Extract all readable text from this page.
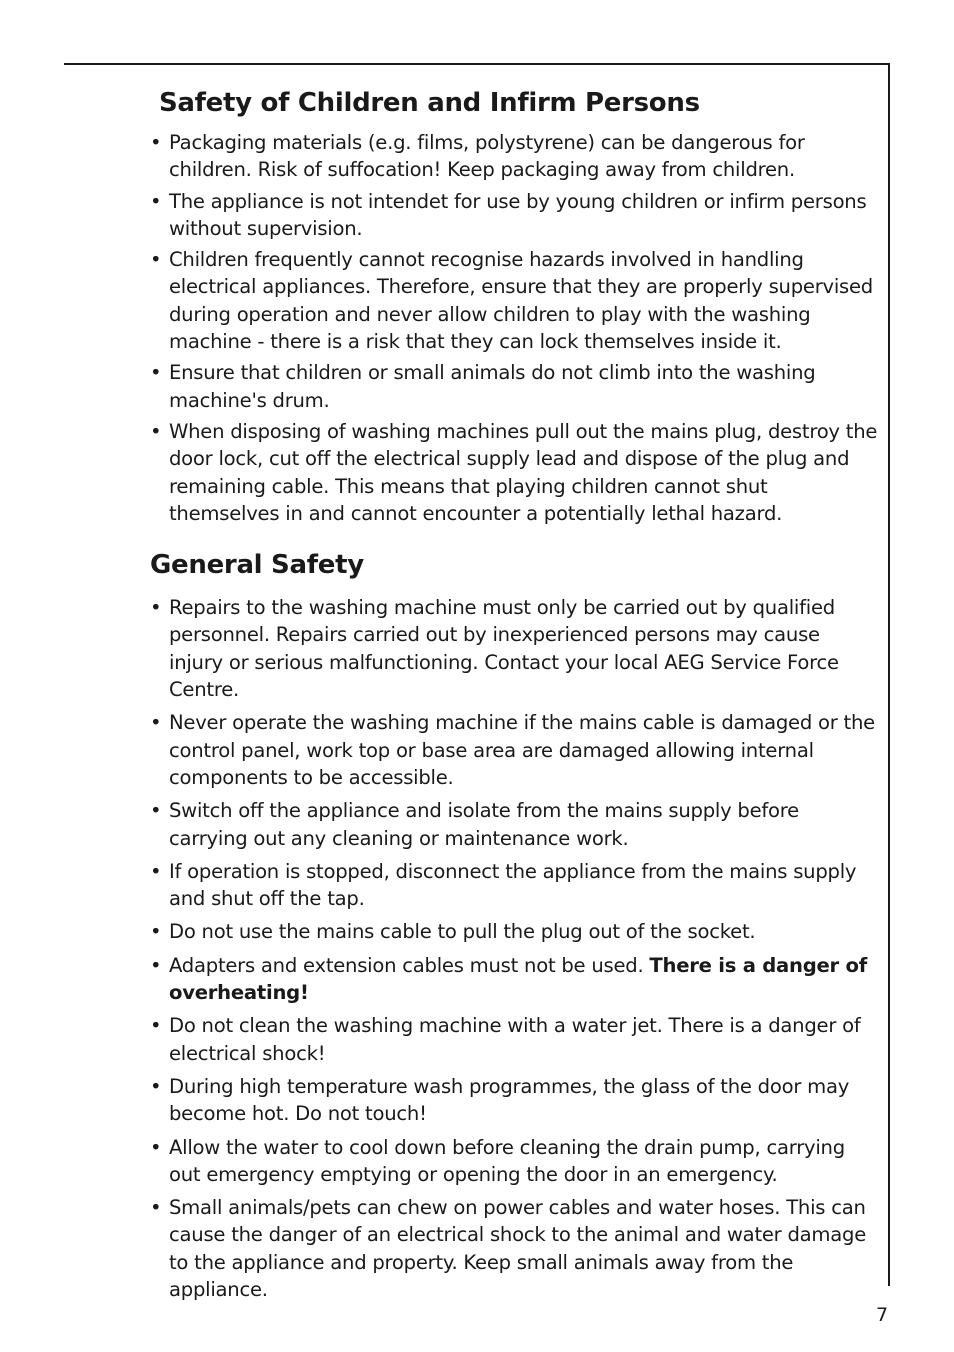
Safety of Children and Infirm Persons
• Packaging materials (e.g. films, polystyrene) can be dangerous for children. Risk of suffocation! Keep packaging away from children.
• The appliance is not intendet for use by young children or infirm persons without supervision.
• Children frequently cannot recognise hazards involved in handling electrical appliances. Therefore, ensure that they are properly supervised during operation and never allow children to play with the washing machine - there is a risk that they can lock themselves inside it.
• Ensure that children or small animals do not climb into the washing machine's drum.
• When disposing of washing machines pull out the mains plug, destroy the door lock, cut off the electrical supply lead and dispose of the plug and remaining cable. This means that playing children cannot shut themselves in and cannot encounter a potentially lethal hazard.
General Safety
• Repairs to the washing machine must only be carried out by qualified personnel. Repairs carried out by inexperienced persons may cause injury or serious malfunctioning. Contact your local AEG Service Force Centre.
• Never operate the washing machine if the mains cable is damaged or the control panel, work top or base area are damaged allowing internal components to be accessible.
• Switch off the appliance and isolate from the mains supply before carrying out any cleaning or maintenance work.
• If operation is stopped, disconnect the appliance from the mains supply and shut off the tap.
• Do not use the mains cable to pull the plug out of the socket.
• Adapters and extension cables must not be used. There is a danger of overheating!
• Do not clean the washing machine with a water jet. There is a danger of electrical shock!
• During high temperature wash programmes, the glass of the door may become hot. Do not touch!
• Allow the water to cool down before cleaning the drain pump, carrying out emergency emptying or opening the door in an emergency.
• Small animals/pets can chew on power cables and water hoses. This can cause the danger of an electrical shock to the animal and water damage to the appliance and property. Keep small animals away from the appliance.
7
